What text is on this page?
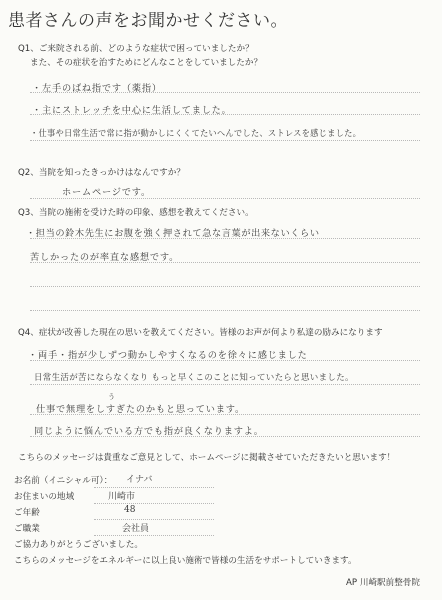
患者さんの声をお聞かせください。
Q1、ご来院される前、どのような症状で困っていましたか？
また、その症状を治すためにどんなことをしていましたか？
・左手のばね指です（薬指）
・主にストレッチを中心に生活してました。
・仕事や日常生活で常に指が動かしにくくてたいへんでした、ストレスを感じました。
Q2、当院を知ったきっかけはなんですか？
ホームページです。
Q3、当院の施術を受けた時の印象、感想を教えてください。
・担当の鈴木先生にお腹を強く押されて急な言葉が出来ないくらい
苦しかったのが率直な感想です。
Q4、症状が改善した現在の思いを教えてください。皆様のお声が何より私達の励みになります
・両手・指が少しずつ動かしやすくなるのを徐々に感じました
日常生活が苦にならなくなり もっと早くこのことに知っていたらと思いました。
う
仕事で無理をしすぎたのかもと思っています。
同じように悩んでいる方でも指が良くなりますよ。
こちらのメッセージは貴重なご意見として、ホームページに掲載させていただきたいと思います！
お名前（イニシャル可）： イナバ
お住まいの地域	川崎市
ご年齢	48
ご職業	会社員
ご協力ありがとうございました。
こちらのメッセージをエネルギーに以上良い施術で皆様の生活をサポートしていきます。
AP 川崎駅前整骨院
